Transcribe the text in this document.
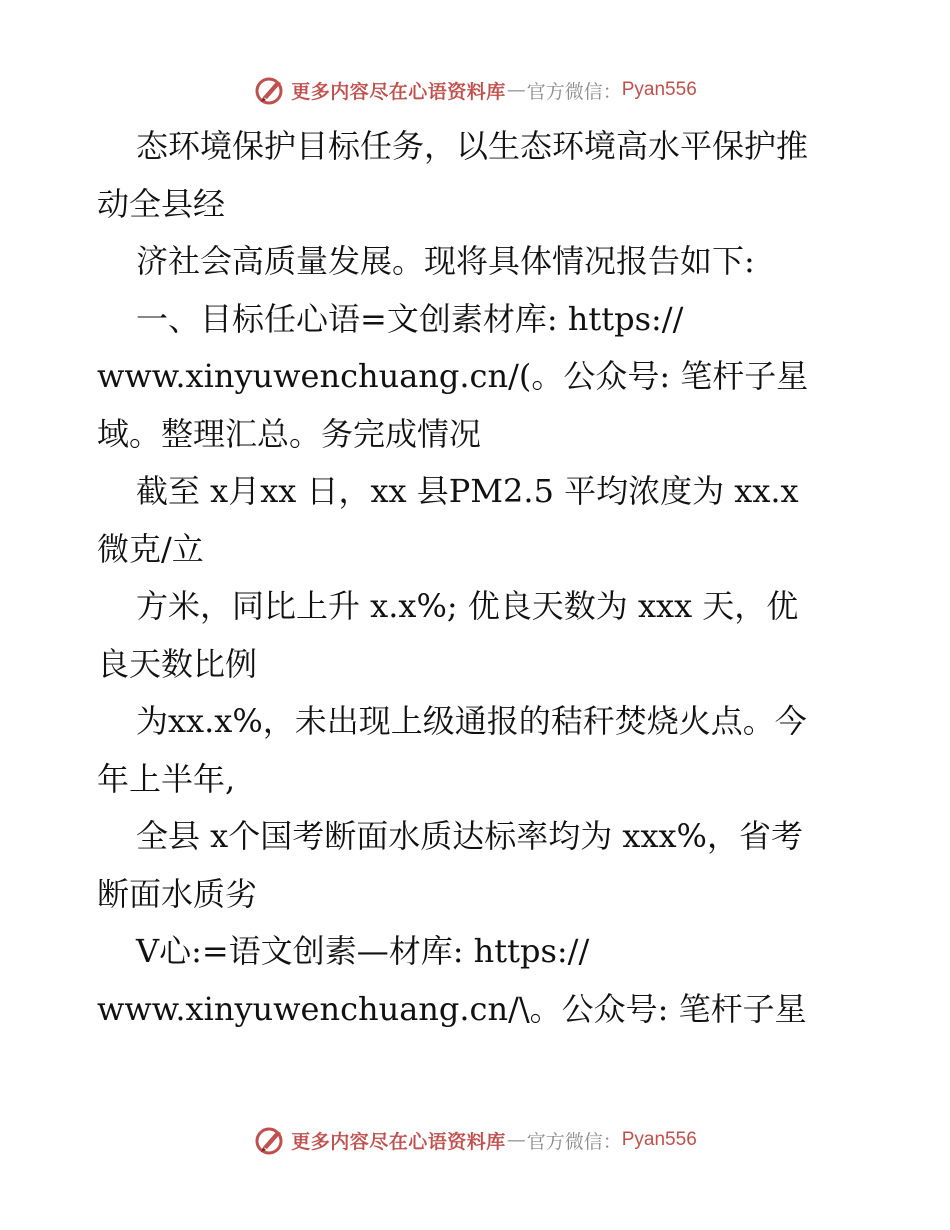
更多内容尽在心语资料库 — 官方微信： Pyan556
态环境保护目标任务，以生态环境高水平保护推
动全县经
济社会高质量发展。现将具体情况报告如下:
一、目标任心语=文创素材库: https://
www.xinyuwenchuang.cn/(。公众号: 笔杆子星
域。整理汇总。务完成情况
截至 x月xx 日，xx 县PM2.5 平均浓度为 xx.x
微克/立
方米，同比上升 x.x%; 优良天数为 xxx 天，优
良天数比例
为xx.x%，未出现上级通报的秸秆焚烧火点。今
年上半年,
全县 x个国考断面水质达标率均为 xxx%，省考
断面水质劣
V心:=语文创素—材库: https://
www.xinyuwenchuang.cn/\。公众号: 笔杆子星
更多内容尽在心语资料库 — 官方微信： Pyan556
